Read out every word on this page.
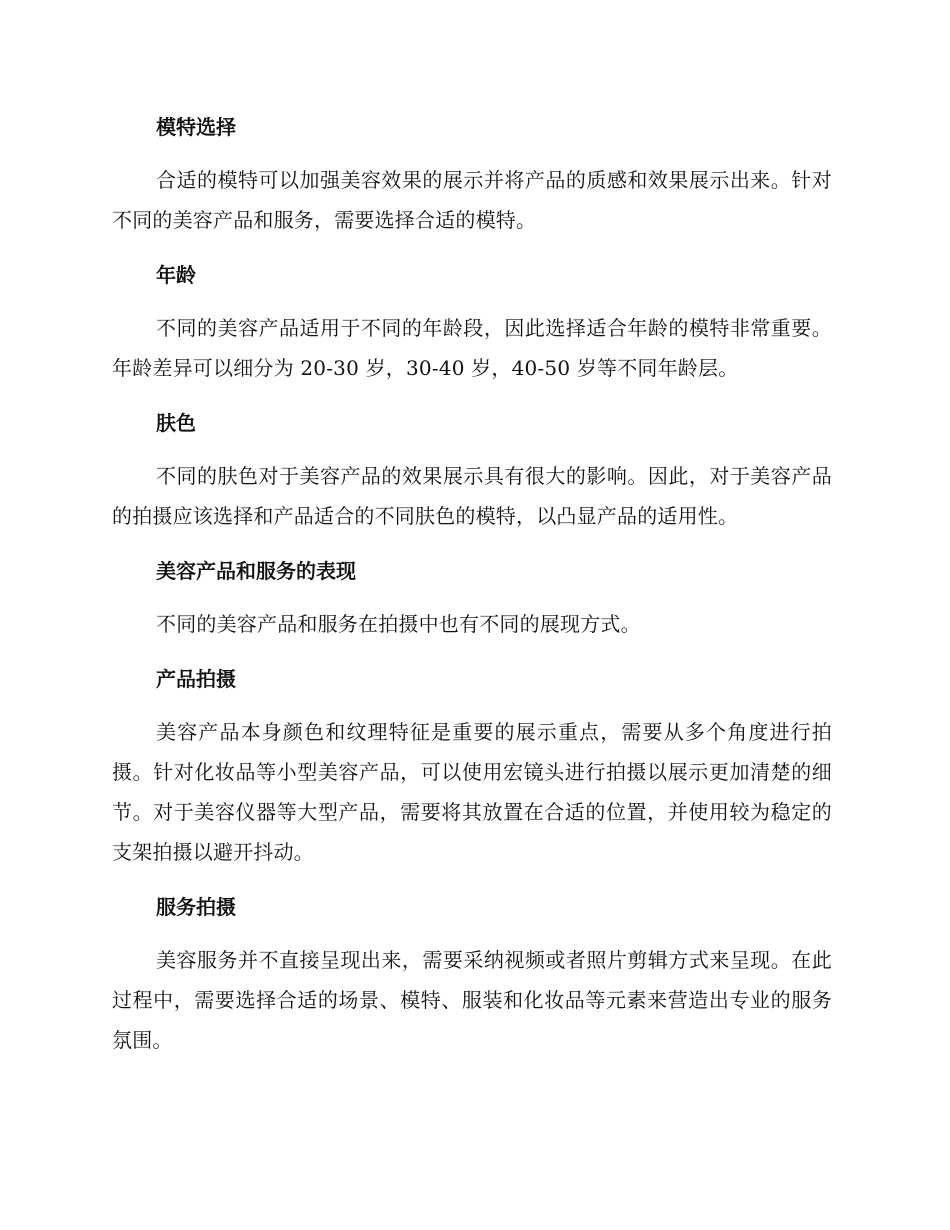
模特选择

合适的模特可以加强美容效果的展示并将产品的质感和效果展示出来。针对不同的美容产品和服务，需要选择合适的模特。

年龄

不同的美容产品适用于不同的年龄段，因此选择适合年龄的模特非常重要。年龄差异可以细分为 20-30 岁，30-40 岁，40-50 岁等不同年龄层。

肤色

不同的肤色对于美容产品的效果展示具有很大的影响。因此，对于美容产品的拍摄应该选择和产品适合的不同肤色的模特，以凸显产品的适用性。

美容产品和服务的表现

不同的美容产品和服务在拍摄中也有不同的展现方式。

产品拍摄

美容产品本身颜色和纹理特征是重要的展示重点，需要从多个角度进行拍摄。针对化妆品等小型美容产品，可以使用宏镜头进行拍摄以展示更加清楚的细节。对于美容仪器等大型产品，需要将其放置在合适的位置，并使用较为稳定的支架拍摄以避开抖动。

服务拍摄

美容服务并不直接呈现出来，需要采纳视频或者照片剪辑方式来呈现。在此过程中，需要选择合适的场景、模特、服装和化妆品等元素来营造出专业的服务氛围。
